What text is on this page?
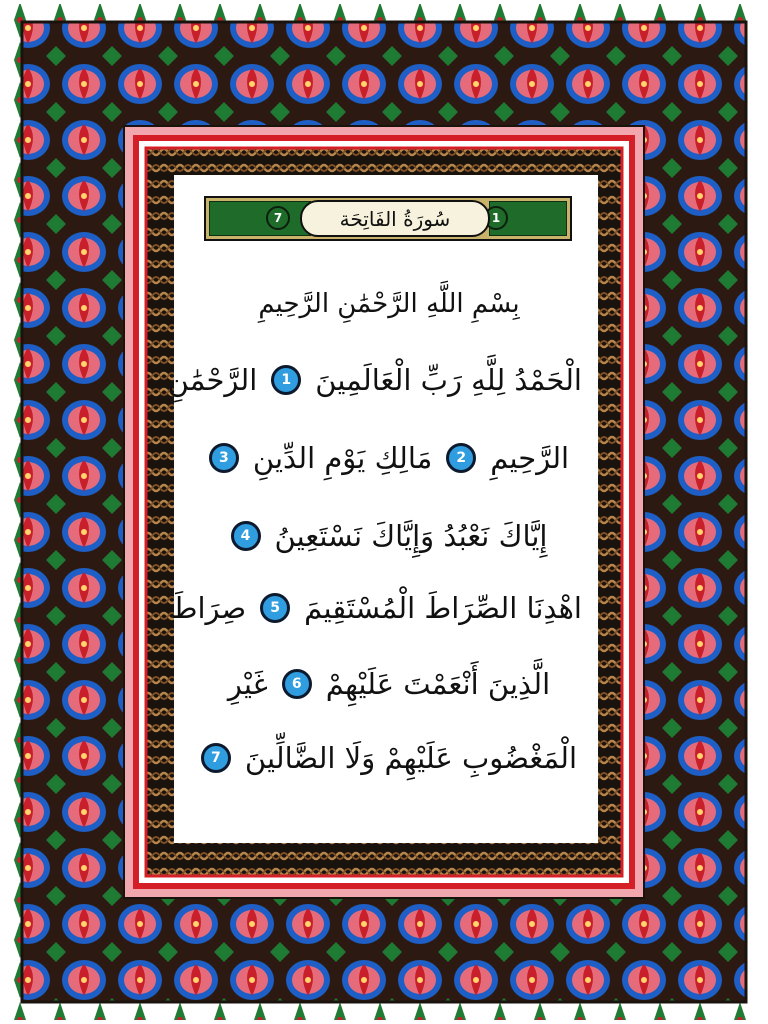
7	1
سُورَةُ الفَاتِحَة
بِسْمِ اللَّهِ الرَّحْمَٰنِ الرَّحِيمِ
الْحَمْدُ لِلَّهِ رَبِّ الْعَالَمِينَ
1
الرَّحْمَٰنِ
الرَّحِيمِ
2
مَالِكِ يَوْمِ الدِّينِ
3
إِيَّاكَ نَعْبُدُ وَإِيَّاكَ نَسْتَعِينُ
4
اهْدِنَا الصِّرَاطَ الْمُسْتَقِيمَ
5
صِرَاطَ
الَّذِينَ أَنْعَمْتَ عَلَيْهِمْ
6
غَيْرِ
الْمَغْضُوبِ عَلَيْهِمْ وَلَا الضَّالِّينَ
7
